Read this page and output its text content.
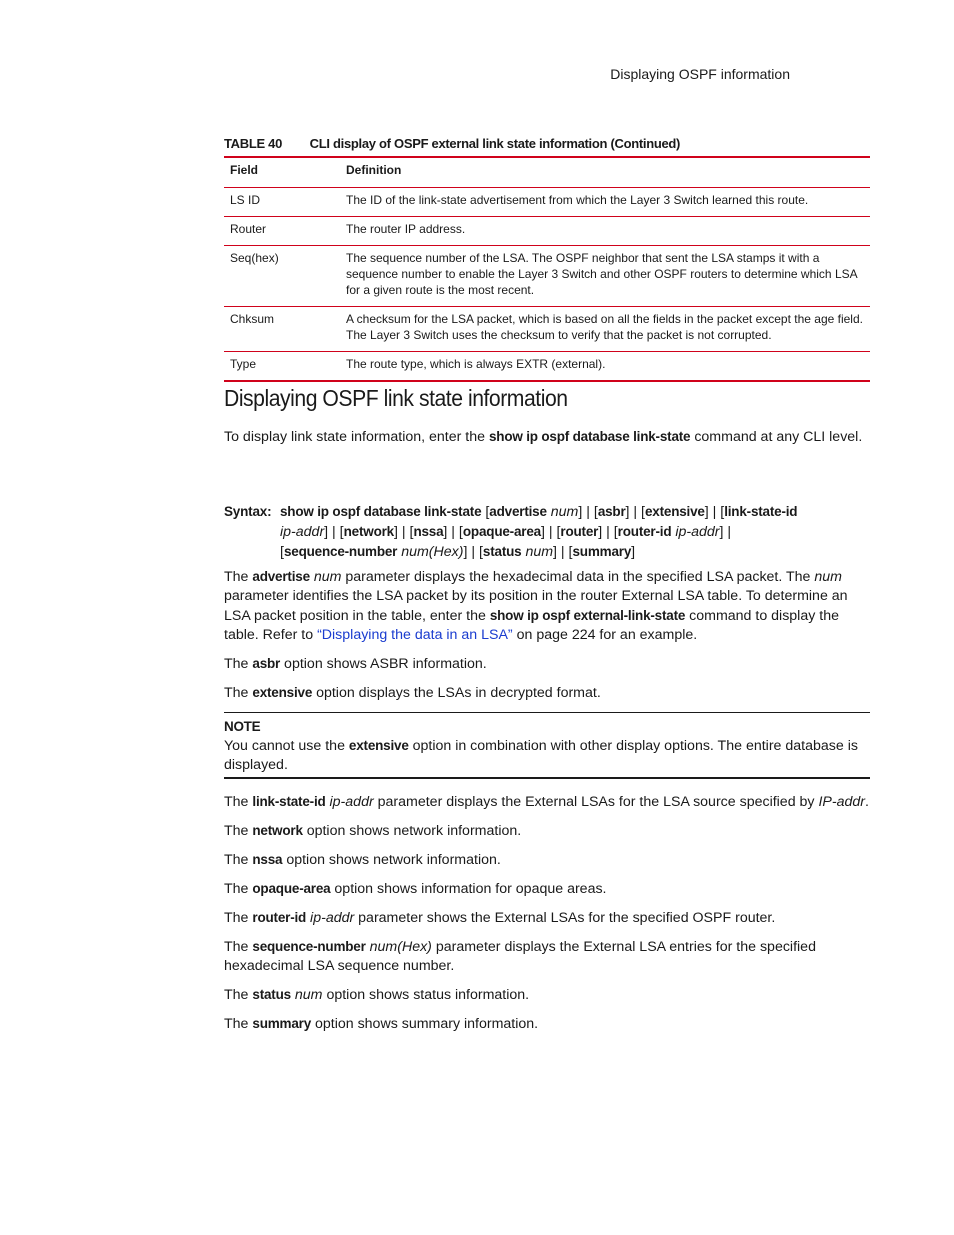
Displaying OSPF information
TABLE 40 CLI display of OSPF external link state information (Continued)
Field	Definition
LS ID	The ID of the link-state advertisement from which the Layer 3 Switch learned this route.
Router	The router IP address.
Seq(hex)	The sequence number of the LSA. The OSPF neighbor that sent the LSA stamps it with a sequence number to enable the Layer 3 Switch and other OSPF routers to determine which LSA for a given route is the most recent.
Chksum	A checksum for the LSA packet, which is based on all the fields in the packet except the age field. The Layer 3 Switch uses the checksum to verify that the packet is not corrupted.
Type	The route type, which is always EXTR (external).
Displaying OSPF link state information

To display link state information, enter the show ip ospf database link-state command at any CLI level.

Syntax: show ip ospf database link-state [advertise num] | [asbr] | [extensive] | [link-state-id
ip-addr] | [network] | [nssa] | [opaque-area] | [router] | [router-id ip-addr] |
[sequence-number num(Hex)] | [status num] | [summary]

The advertise num parameter displays the hexadecimal data in the specified LSA packet. The num parameter identifies the LSA packet by its position in the router External LSA table. To determine an LSA packet position in the table, enter the show ip ospf external-link-state command to display the table. Refer to “Displaying the data in an LSA” on page 224 for an example.

The asbr option shows ASBR information.

The extensive option displays the LSAs in decrypted format.

NOTE
You cannot use the extensive option in combination with other display options. The entire database is displayed.

The link-state-id ip-addr parameter displays the External LSAs for the LSA source specified by IP-addr.

The network option shows network information.

The nssa option shows network information.

The opaque-area option shows information for opaque areas.

The router-id ip-addr parameter shows the External LSAs for the specified OSPF router.

The sequence-number num(Hex) parameter displays the External LSA entries for the specified hexadecimal LSA sequence number.

The status num option shows status information.

The summary option shows summary information.
